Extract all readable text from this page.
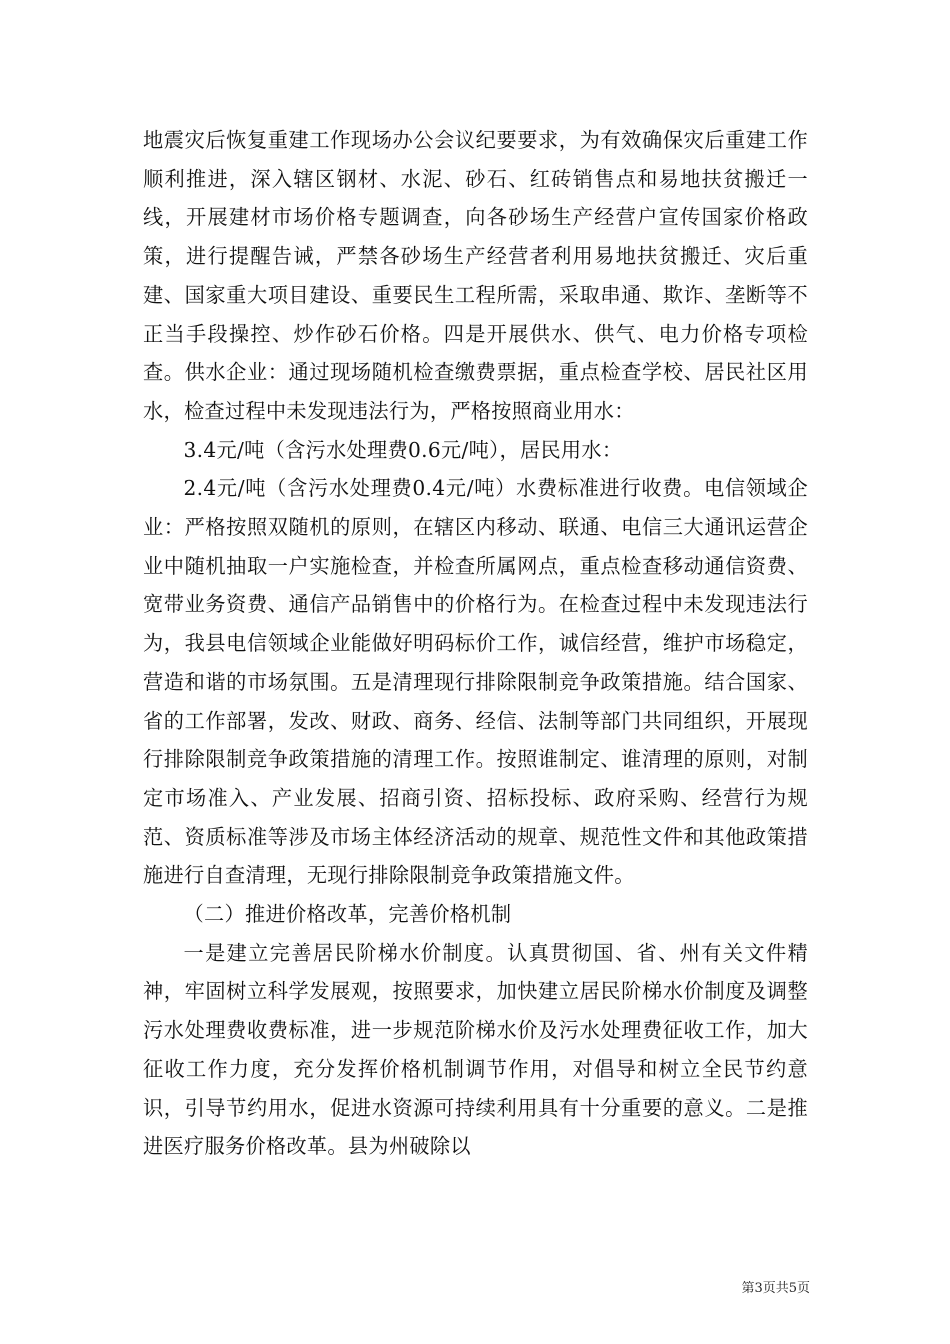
地震灾后恢复重建工作现场办公会议纪要要求，为有效确保灾后重建工作顺利推进，深入辖区钢材、水泥、砂石、红砖销售点和易地扶贫搬迁一线，开展建材市场价格专题调查，向各砂场生产经营户宣传国家价格政策，进行提醒告诫，严禁各砂场生产经营者利用易地扶贫搬迁、灾后重建、国家重大项目建设、重要民生工程所需，采取串通、欺诈、垄断等不正当手段操控、炒作砂石价格。四是开展供水、供气、电力价格专项检查。供水企业：通过现场随机检查缴费票据，重点检查学校、居民社区用水，检查过程中未发现违法行为，严格按照商业用水：

3.4元/吨（含污水处理费0.6元/吨），居民用水：

2.4元/吨（含污水处理费0.4元/吨）水费标准进行收费。电信领域企业：严格按照双随机的原则，在辖区内移动、联通、电信三大通讯运营企业中随机抽取一户实施检查，并检查所属网点，重点检查移动通信资费、宽带业务资费、通信产品销售中的价格行为。在检查过程中未发现违法行为，我县电信领域企业能做好明码标价工作，诚信经营，维护市场稳定，营造和谐的市场氛围。五是清理现行排除限制竞争政策措施。结合国家、省的工作部署，发改、财政、商务、经信、法制等部门共同组织，开展现行排除限制竞争政策措施的清理工作。按照谁制定、谁清理的原则，对制定市场准入、产业发展、招商引资、招标投标、政府采购、经营行为规范、资质标准等涉及市场主体经济活动的规章、规范性文件和其他政策措施进行自查清理，无现行排除限制竞争政策措施文件。

（二）推进价格改革，完善价格机制

一是建立完善居民阶梯水价制度。认真贯彻国、省、州有关文件精神，牢固树立科学发展观，按照要求，加快建立居民阶梯水价制度及调整污水处理费收费标准，进一步规范阶梯水价及污水处理费征收工作，加大征收工作力度，充分发挥价格机制调节作用，对倡导和树立全民节约意识，引导节约用水，促进水资源可持续利用具有十分重要的意义。二是推进医疗服务价格改革。县为州破除以

第3页共5页
